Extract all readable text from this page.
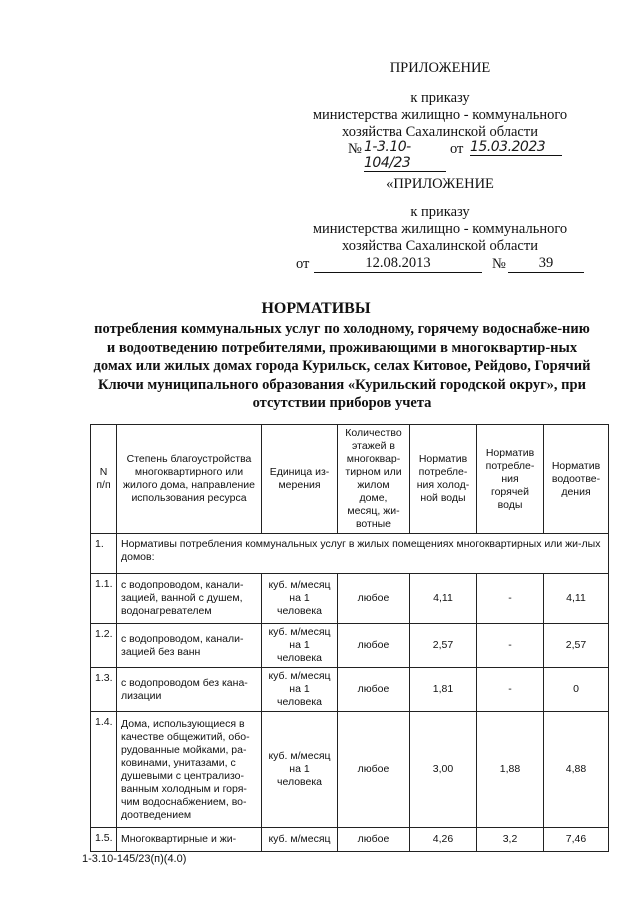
ПРИЛОЖЕНИЕ
к приказу
министерства жилищно - коммунального
хозяйства Сахалинской области
№ 1-3.10-104/23
от 15.03.2023
«ПРИЛОЖЕНИЕ
к приказу
министерства жилищно - коммунального
хозяйства Сахалинской области
от	12.08.2013	№	39
НОРМАТИВЫ
потребления коммунальных услуг по холодному, горячему водоснабже-нию и водоотведению потребителями, проживающими в многоквартир-ных домах или жилых домах города Курильск, селах Китовое, Рейдово, Горячий Ключи муниципального образования «Курильский городской округ», при отсутствии приборов учета
N п/п	Степень благоустройства многоквартирного или жилого дома, направление использования ресурса	Единица из-мерения	Количество этажей в многоквар-тирном или жилом доме, месяц, жи-вотные	Норматив потребле-ния холод-ной воды	Норматив потребле-ния горячей воды	Норматив водоотве-дения
1.	Нормативы потребления коммунальных услуг в жилых помещениях многоквартирных или жи-лых домов:					
1.1.	с водопроводом, канали-зацией, ванной с душем, водонагревателем	куб. м/месяц на 1 человека	любое	4,11	-	4,11
1.2.	с водопроводом, канали-зацией без ванн	куб. м/месяц на 1 человека	любое	2,57	-	2,57
1.3.	с водопроводом без кана-лизации	куб. м/месяц на 1 человека	любое	1,81	-	0
1.4.	Дома, использующиеся в качестве общежитий, обо-рудованные мойками, ра-ковинами, унитазами, с душевыми с централизо-ванным холодным и горя-чим водоснабжением, во-доотведением	куб. м/месяц на 1 человека	любое	3,00	1,88	4,88
1.5.	Многоквартирные и жи-	куб. м/месяц	любое	4,26	3,2	7,46
1-3.10-145/23(п)(4.0)
